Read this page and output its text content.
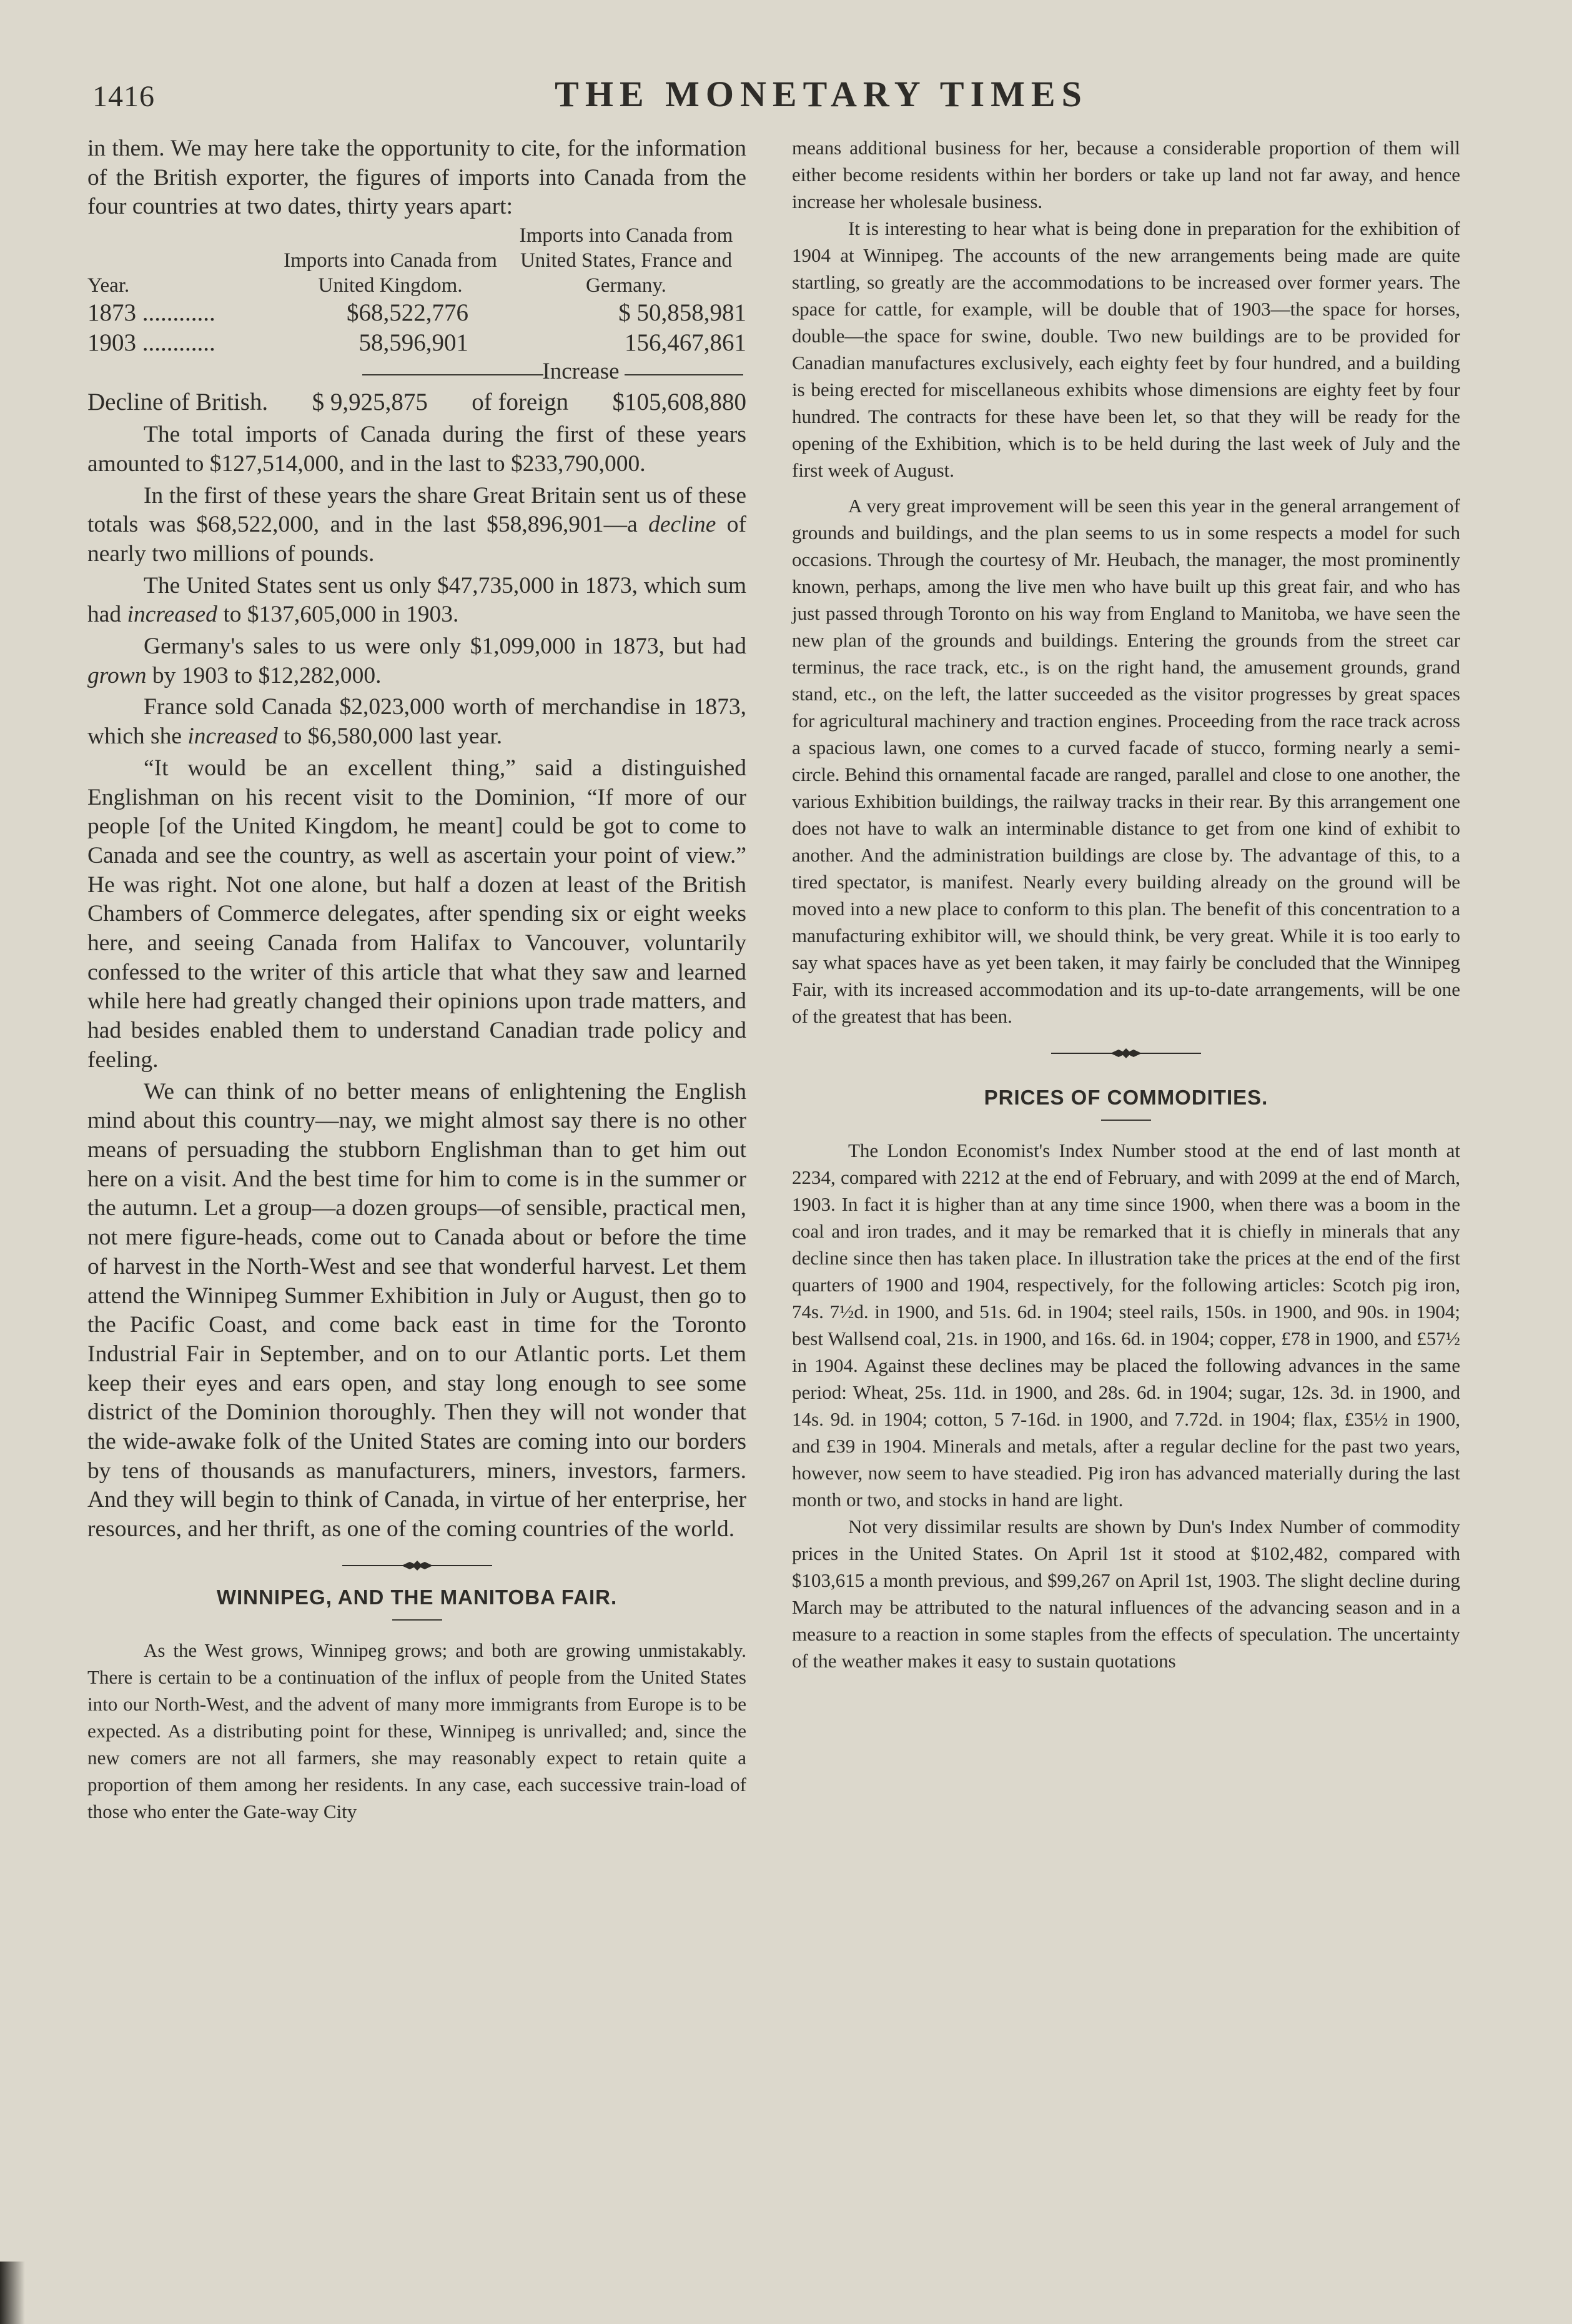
1416	THE MONETARY TIMES

in them. We may here take the opportunity to cite, for the information of the British exporter, the figures of imports into Canada from the four countries at two dates, thirty years apart:

Year.	Imports into Canada from United Kingdom.	Imports into Canada from United States, France and Germany.
1873 ............	$68,522,776	$ 50,858,981
1903 ............	58,596,901	156,467,861
Increase
Decline of British. $ 9,925,875 of foreign $105,608,880

The total imports of Canada during the first of these years amounted to $127,514,000, and in the last to $233,790,000.

In the first of these years the share Great Britain sent us of these totals was $68,522,000, and in the last $58,896,901—a decline of nearly two millions of pounds.

The United States sent us only $47,735,000 in 1873, which sum had increased to $137,605,000 in 1903.

Germany's sales to us were only $1,099,000 in 1873, but had grown by 1903 to $12,282,000.

France sold Canada $2,023,000 worth of merchandise in 1873, which she increased to $6,580,000 last year.

“It would be an excellent thing,” said a distinguished Englishman on his recent visit to the Dominion, “If more of our people [of the United Kingdom, he meant] could be got to come to Canada and see the country, as well as ascertain your point of view.” He was right. Not one alone, but half a dozen at least of the British Chambers of Commerce delegates, after spending six or eight weeks here, and seeing Canada from Halifax to Vancouver, voluntarily confessed to the writer of this article that what they saw and learned while here had greatly changed their opinions upon trade matters, and had besides enabled them to understand Canadian trade policy and feeling.

We can think of no better means of enlightening the English mind about this country—nay, we might almost say there is no other means of persuading the stubborn Englishman than to get him out here on a visit. And the best time for him to come is in the summer or the autumn. Let a group—a dozen groups—of sensible, practical men, not mere figure-heads, come out to Canada about or before the time of harvest in the North-West and see that wonderful harvest. Let them attend the Winnipeg Summer Exhibition in July or August, then go to the Pacific Coast, and come back east in time for the Toronto Industrial Fair in September, and on to our Atlantic ports. Let them keep their eyes and ears open, and stay long enough to see some district of the Dominion thoroughly. Then they will not wonder that the wide-awake folk of the United States are coming into our borders by tens of thousands as manufacturers, miners, investors, farmers. And they will begin to think of Canada, in virtue of her enterprise, her resources, and her thrift, as one of the coming countries of the world.

WINNIPEG, AND THE MANITOBA FAIR.

As the West grows, Winnipeg grows; and both are growing unmistakably. There is certain to be a continuation of the influx of people from the United States into our North-West, and the advent of many more immigrants from Europe is to be expected. As a distributing point for these, Winnipeg is unrivalled; and, since the new comers are not all farmers, she may reasonably expect to retain quite a proportion of them among her residents. In any case, each successive train-load of those who enter the Gate-way City

means additional business for her, because a considerable proportion of them will either become residents within her borders or take up land not far away, and hence increase her wholesale business.

It is interesting to hear what is being done in preparation for the exhibition of 1904 at Winnipeg. The accounts of the new arrangements being made are quite startling, so greatly are the accommodations to be increased over former years. The space for cattle, for example, will be double that of 1903—the space for horses, double—the space for swine, double. Two new buildings are to be provided for Canadian manufactures exclusively, each eighty feet by four hundred, and a building is being erected for miscellaneous exhibits whose dimensions are eighty feet by four hundred. The contracts for these have been let, so that they will be ready for the opening of the Exhibition, which is to be held during the last week of July and the first week of August.

A very great improvement will be seen this year in the general arrangement of grounds and buildings, and the plan seems to us in some respects a model for such occasions. Through the courtesy of Mr. Heubach, the manager, the most prominently known, perhaps, among the live men who have built up this great fair, and who has just passed through Toronto on his way from England to Manitoba, we have seen the new plan of the grounds and buildings. Entering the grounds from the street car terminus, the race track, etc., is on the right hand, the amusement grounds, grand stand, etc., on the left, the latter succeeded as the visitor progresses by great spaces for agricultural machinery and traction engines. Proceeding from the race track across a spacious lawn, one comes to a curved facade of stucco, forming nearly a semi-circle. Behind this ornamental facade are ranged, parallel and close to one another, the various Exhibition buildings, the railway tracks in their rear. By this arrangement one does not have to walk an interminable distance to get from one kind of exhibit to another. And the administration buildings are close by. The advantage of this, to a tired spectator, is manifest. Nearly every building already on the ground will be moved into a new place to conform to this plan. The benefit of this concentration to a manufacturing exhibitor will, we should think, be very great. While it is too early to say what spaces have as yet been taken, it may fairly be concluded that the Winnipeg Fair, with its increased accommodation and its up-to-date arrangements, will be one of the greatest that has been.

PRICES OF COMMODITIES.

The London Economist's Index Number stood at the end of last month at 2234, compared with 2212 at the end of February, and with 2099 at the end of March, 1903. In fact it is higher than at any time since 1900, when there was a boom in the coal and iron trades, and it may be remarked that it is chiefly in minerals that any decline since then has taken place. In illustration take the prices at the end of the first quarters of 1900 and 1904, respectively, for the following articles: Scotch pig iron, 74s. 7½d. in 1900, and 51s. 6d. in 1904; steel rails, 150s. in 1900, and 90s. in 1904; best Wallsend coal, 21s. in 1900, and 16s. 6d. in 1904; copper, £78 in 1900, and £57½ in 1904. Against these declines may be placed the following advances in the same period: Wheat, 25s. 11d. in 1900, and 28s. 6d. in 1904; sugar, 12s. 3d. in 1900, and 14s. 9d. in 1904; cotton, 5 7-16d. in 1900, and 7.72d. in 1904; flax, £35½ in 1900, and £39 in 1904. Minerals and metals, after a regular decline for the past two years, however, now seem to have steadied. Pig iron has advanced materially during the last month or two, and stocks in hand are light.

Not very dissimilar results are shown by Dun's Index Number of commodity prices in the United States. On April 1st it stood at $102,482, compared with $103,615 a month previous, and $99,267 on April 1st, 1903. The slight decline during March may be attributed to the natural influences of the advancing season and in a measure to a reaction in some staples from the effects of speculation. The uncertainty of the weather makes it easy to sustain quotations
